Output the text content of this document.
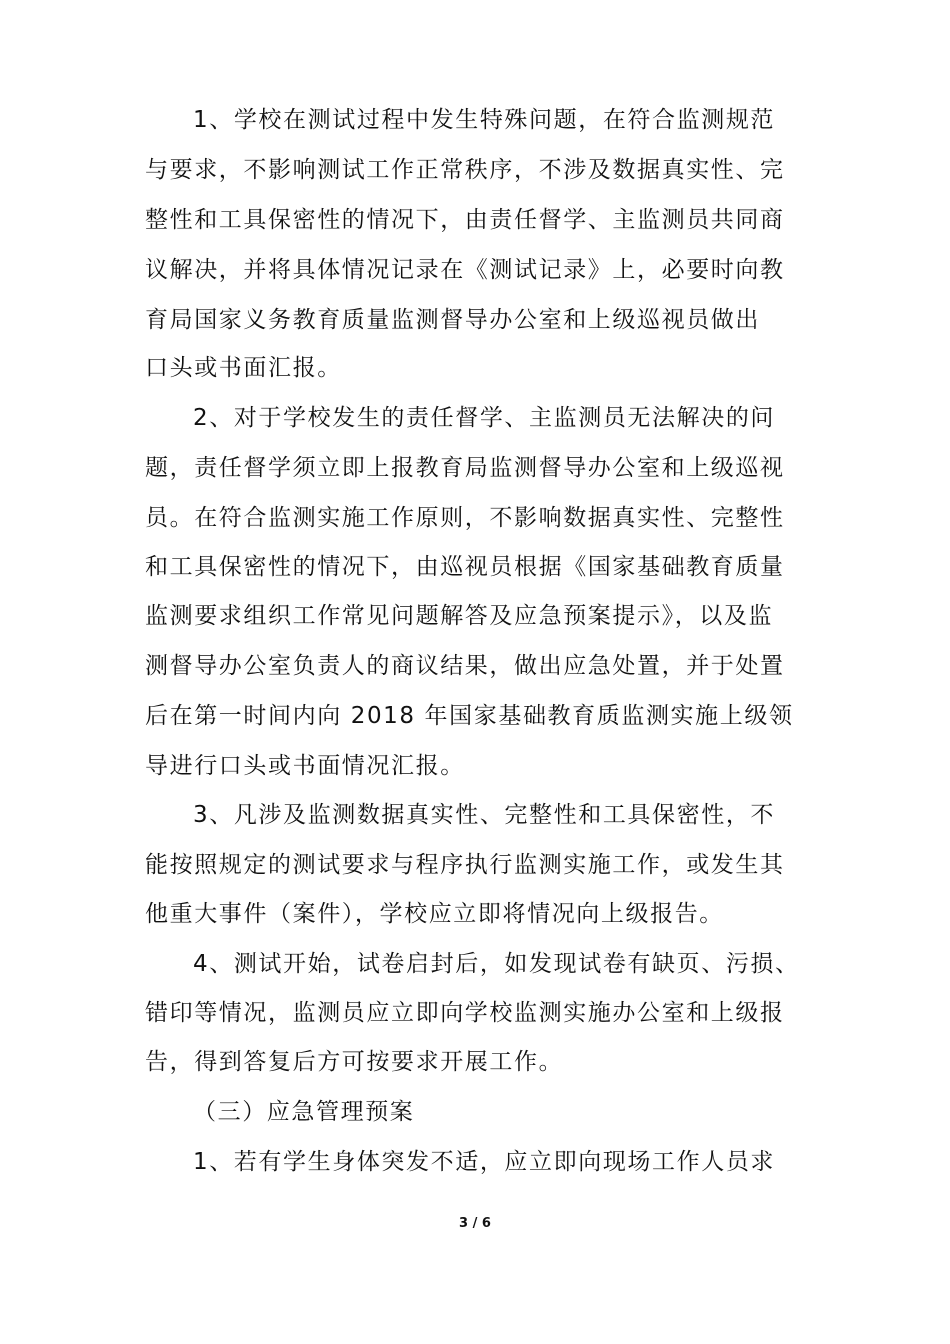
1、学校在测试过程中发生特殊问题，在符合监测规范

与要求，不影响测试工作正常秩序，不涉及数据真实性、完

整性和工具保密性的情况下，由责任督学、主监测员共同商

议解决，并将具体情况记录在《测试记录》上，必要时向教

育局国家义务教育质量监测督导办公室和上级巡视员做出

口头或书面汇报。

2、对于学校发生的责任督学、主监测员无法解决的问

题，责任督学须立即上报教育局监测督导办公室和上级巡视

员。在符合监测实施工作原则，不影响数据真实性、完整性

和工具保密性的情况下，由巡视员根据《国家基础教育质量

监测要求组织工作常见问题解答及应急预案提示》，以及监

测督导办公室负责人的商议结果，做出应急处置，并于处置

后在第一时间内向 2018 年国家基础教育质监测实施上级领

导进行口头或书面情况汇报。

3、凡涉及监测数据真实性、完整性和工具保密性，不

能按照规定的测试要求与程序执行监测实施工作，或发生其

他重大事件（案件），学校应立即将情况向上级报告。

4、测试开始，试卷启封后，如发现试卷有缺页、污损、

错印等情况，监测员应立即向学校监测实施办公室和上级报

告，得到答复后方可按要求开展工作。

（三）应急管理预案

1、若有学生身体突发不适，应立即向现场工作人员求

3 / 6
